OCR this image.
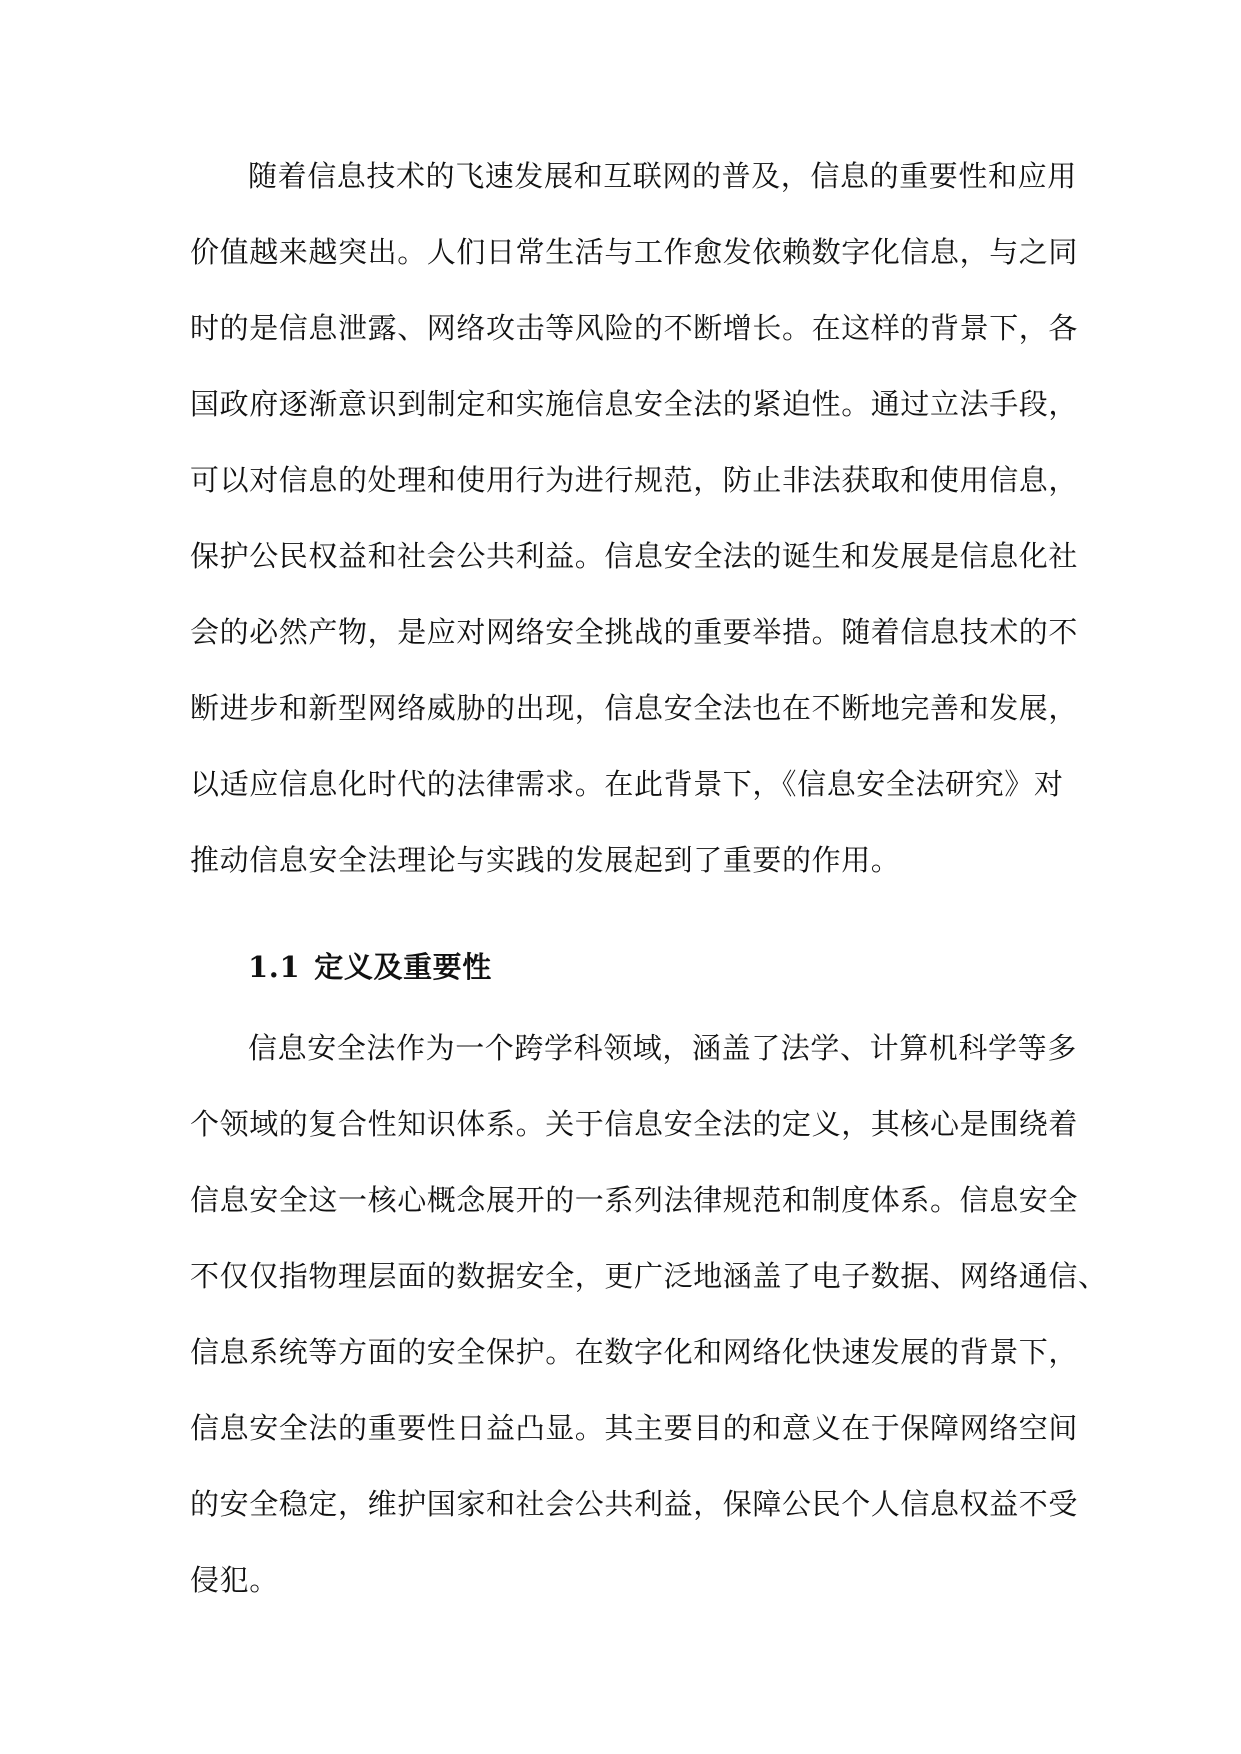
随着信息技术的飞速发展和互联网的普及，信息的重要性和应用
价值越来越突出。人们日常生活与工作愈发依赖数字化信息，与之同
时的是信息泄露、网络攻击等风险的不断增长。在这样的背景下，各
国政府逐渐意识到制定和实施信息安全法的紧迫性。通过立法手段，
可以对信息的处理和使用行为进行规范，防止非法获取和使用信息，
保护公民权益和社会公共利益。信息安全法的诞生和发展是信息化社
会的必然产物，是应对网络安全挑战的重要举措。随着信息技术的不
断进步和新型网络威胁的出现，信息安全法也在不断地完善和发展，
以适应信息化时代的法律需求。在此背景下，《信息安全法研究》对
推动信息安全法理论与实践的发展起到了重要的作用。
1.1 定义及重要性
信息安全法作为一个跨学科领域，涵盖了法学、计算机科学等多
个领域的复合性知识体系。关于信息安全法的定义，其核心是围绕着
信息安全这一核心概念展开的一系列法律规范和制度体系。信息安全
不仅仅指物理层面的数据安全，更广泛地涵盖了电子数据、网络通信、
信息系统等方面的安全保护。在数字化和网络化快速发展的背景下，
信息安全法的重要性日益凸显。其主要目的和意义在于保障网络空间
的安全稳定，维护国家和社会公共利益，保障公民个人信息权益不受
侵犯。
